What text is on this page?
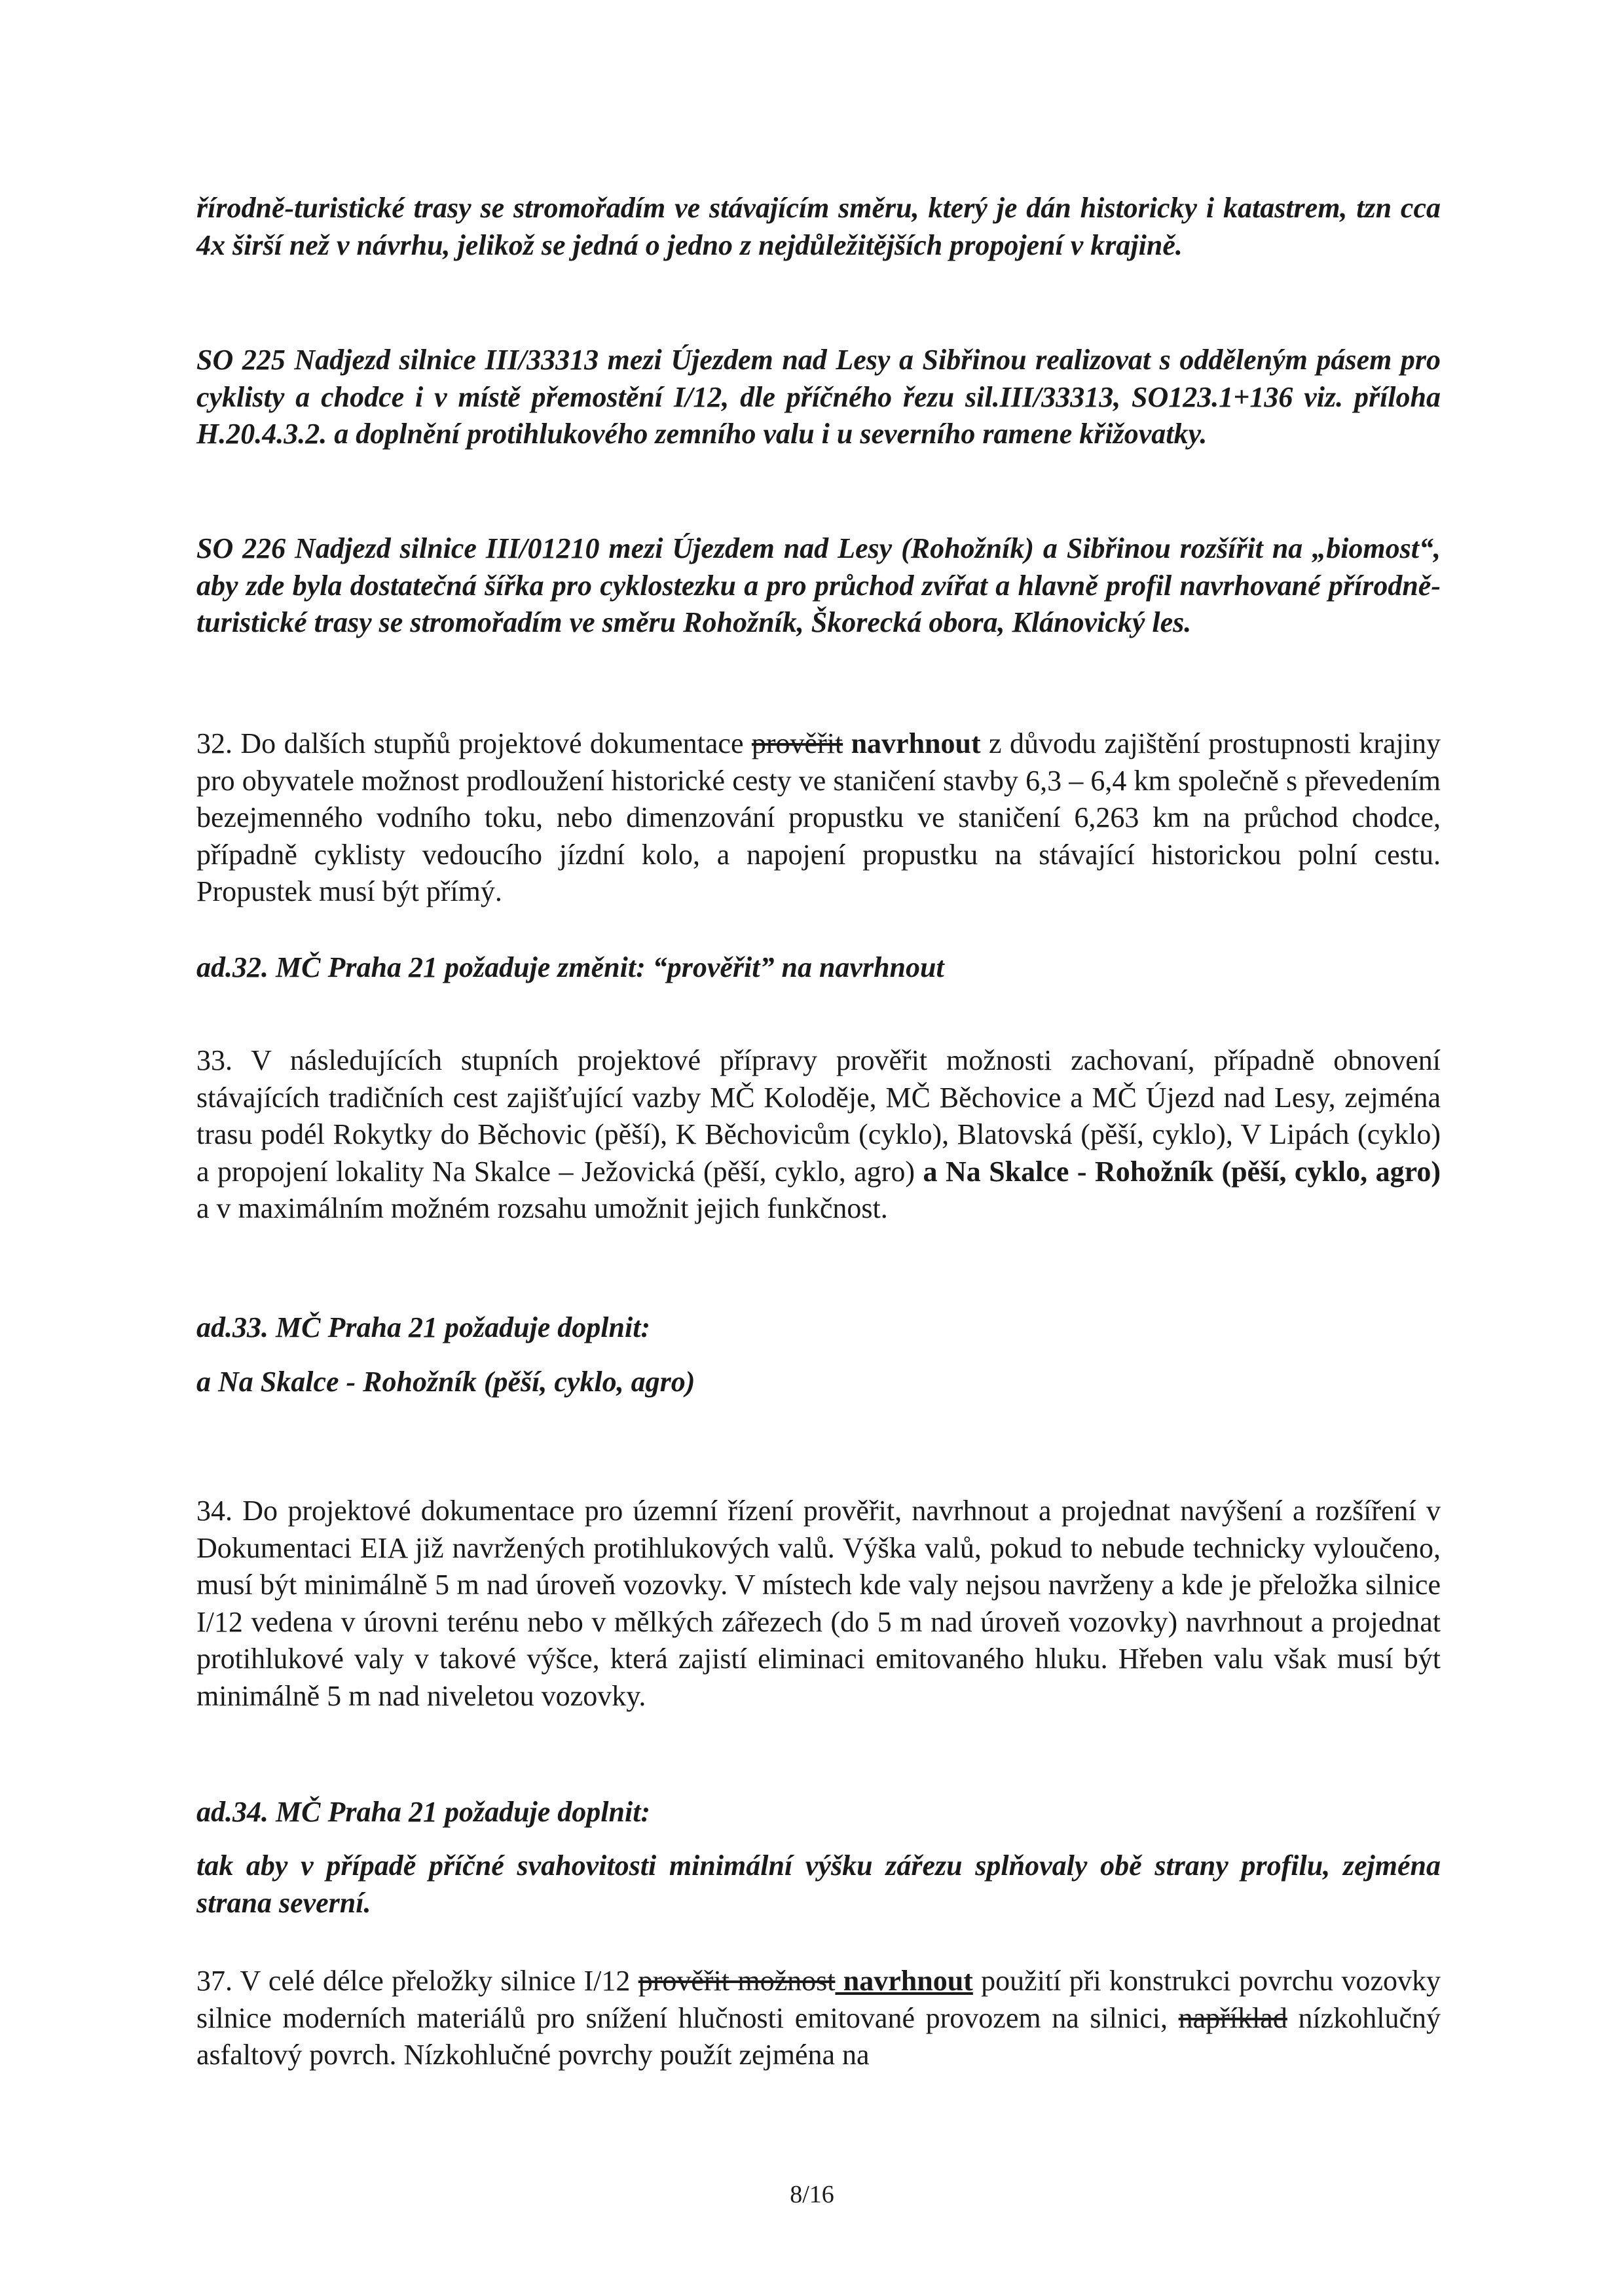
řírodně-turistické trasy se stromořadím ve stávajícím směru, který je dán historicky i katastrem, tzn cca 4x širší než v návrhu, jelikož se jedná o jedno z nejdůležitějších propojení v krajině.

SO 225 Nadjezd silnice III/33313 mezi Újezdem nad Lesy a Sibřinou realizovat s odděleným pásem pro cyklisty a chodce i v místě přemostění I/12, dle příčného řezu sil.III/33313, SO123.1+136 viz. příloha H.20.4.3.2. a doplnění protihlukového zemního valu i u severního ramene křižovatky.

SO 226 Nadjezd silnice III/01210 mezi Újezdem nad Lesy (Rohožník) a Sibřinou rozšířit na „biomost“, aby zde byla dostatečná šířka pro cyklostezku a pro průchod zvířat a hlavně profil navrhované přírodně-turistické trasy se stromořadím ve směru Rohožník, Škorecká obora, Klánovický les.

32. Do dalších stupňů projektové dokumentace prověřit navrhnout z důvodu zajištění prostupnosti krajiny pro obyvatele možnost prodloužení historické cesty ve staničení stavby 6,3 – 6,4 km společně s převedením bezejmenného vodního toku, nebo dimenzování propustku ve staničení 6,263 km na průchod chodce, případně cyklisty vedoucího jízdní kolo, a napojení propustku na stávající historickou polní cestu. Propustek musí být přímý.

ad.32. MČ Praha 21 požaduje změnit: “prověřit” na navrhnout

33. V následujících stupních projektové přípravy prověřit možnosti zachovaní, případně obnovení stávajících tradičních cest zajišťující vazby MČ Koloděje, MČ Běchovice a MČ Újezd nad Lesy, zejména trasu podél Rokytky do Běchovic (pěší), K Běchovicům (cyklo), Blatovská (pěší, cyklo), V Lipách (cyklo) a propojení lokality Na Skalce – Ježovická (pěší, cyklo, agro) a Na Skalce - Rohožník (pěší, cyklo, agro) a v maximálním možném rozsahu umožnit jejich funkčnost.

ad.33. MČ Praha 21 požaduje doplnit:

a Na Skalce - Rohožník (pěší, cyklo, agro)

34. Do projektové dokumentace pro územní řízení prověřit, navrhnout a projednat navýšení a rozšíření v Dokumentaci EIA již navržených protihlukových valů. Výška valů, pokud to nebude technicky vyloučeno, musí být minimálně 5 m nad úroveň vozovky. V místech kde valy nejsou navrženy a kde je přeložka silnice I/12 vedena v úrovni terénu nebo v mělkých zářezech (do 5 m nad úroveň vozovky) navrhnout a projednat protihlukové valy v takové výšce, která zajistí eliminaci emitovaného hluku. Hřeben valu však musí být minimálně 5 m nad niveletou vozovky.

ad.34. MČ Praha 21 požaduje doplnit:

tak aby v případě příčné svahovitosti minimální výšku zářezu splňovaly obě strany profilu, zejména strana severní.

37. V celé délce přeložky silnice I/12 prověřit možnost navrhnout použití při konstrukci povrchu vozovky silnice moderních materiálů pro snížení hlučnosti emitované provozem na silnici, například nízkohlučný asfaltový povrch. Nízkohlučné povrchy použít zejména na

8/16
